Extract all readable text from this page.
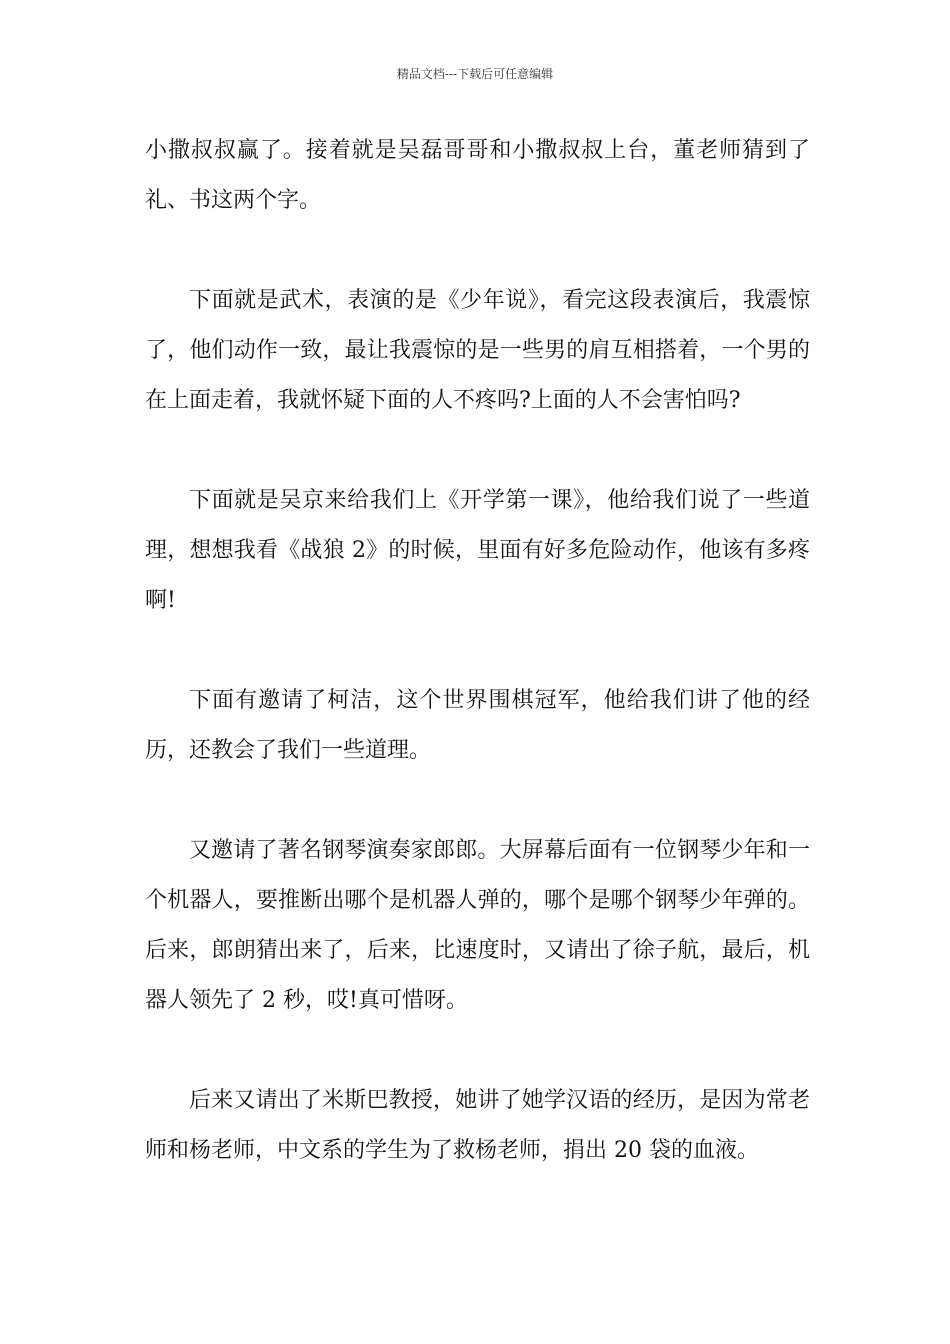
精品文档---下载后可任意编辑

小撒叔叔赢了。接着就是吴磊哥哥和小撒叔叔上台，董老师猜到了礼、书这两个字。

下面就是武术，表演的是《少年说》，看完这段表演后，我震惊了，他们动作一致，最让我震惊的是一些男的肩互相搭着，一个男的在上面走着，我就怀疑下面的人不疼吗?上面的人不会害怕吗?

下面就是吴京来给我们上《开学第一课》，他给我们说了一些道理，想想我看《战狼 2》的时候，里面有好多危险动作，他该有多疼啊!

下面有邀请了柯洁，这个世界围棋冠军，他给我们讲了他的经历，还教会了我们一些道理。

又邀请了著名钢琴演奏家郎郎。大屏幕后面有一位钢琴少年和一个机器人，要推断出哪个是机器人弹的，哪个是哪个钢琴少年弹的。后来，郎朗猜出来了，后来，比速度时，又请出了徐子航，最后，机器人领先了 2 秒，哎!真可惜呀。

后来又请出了米斯巴教授，她讲了她学汉语的经历，是因为常老师和杨老师，中文系的学生为了救杨老师，捐出 20 袋的血液。
